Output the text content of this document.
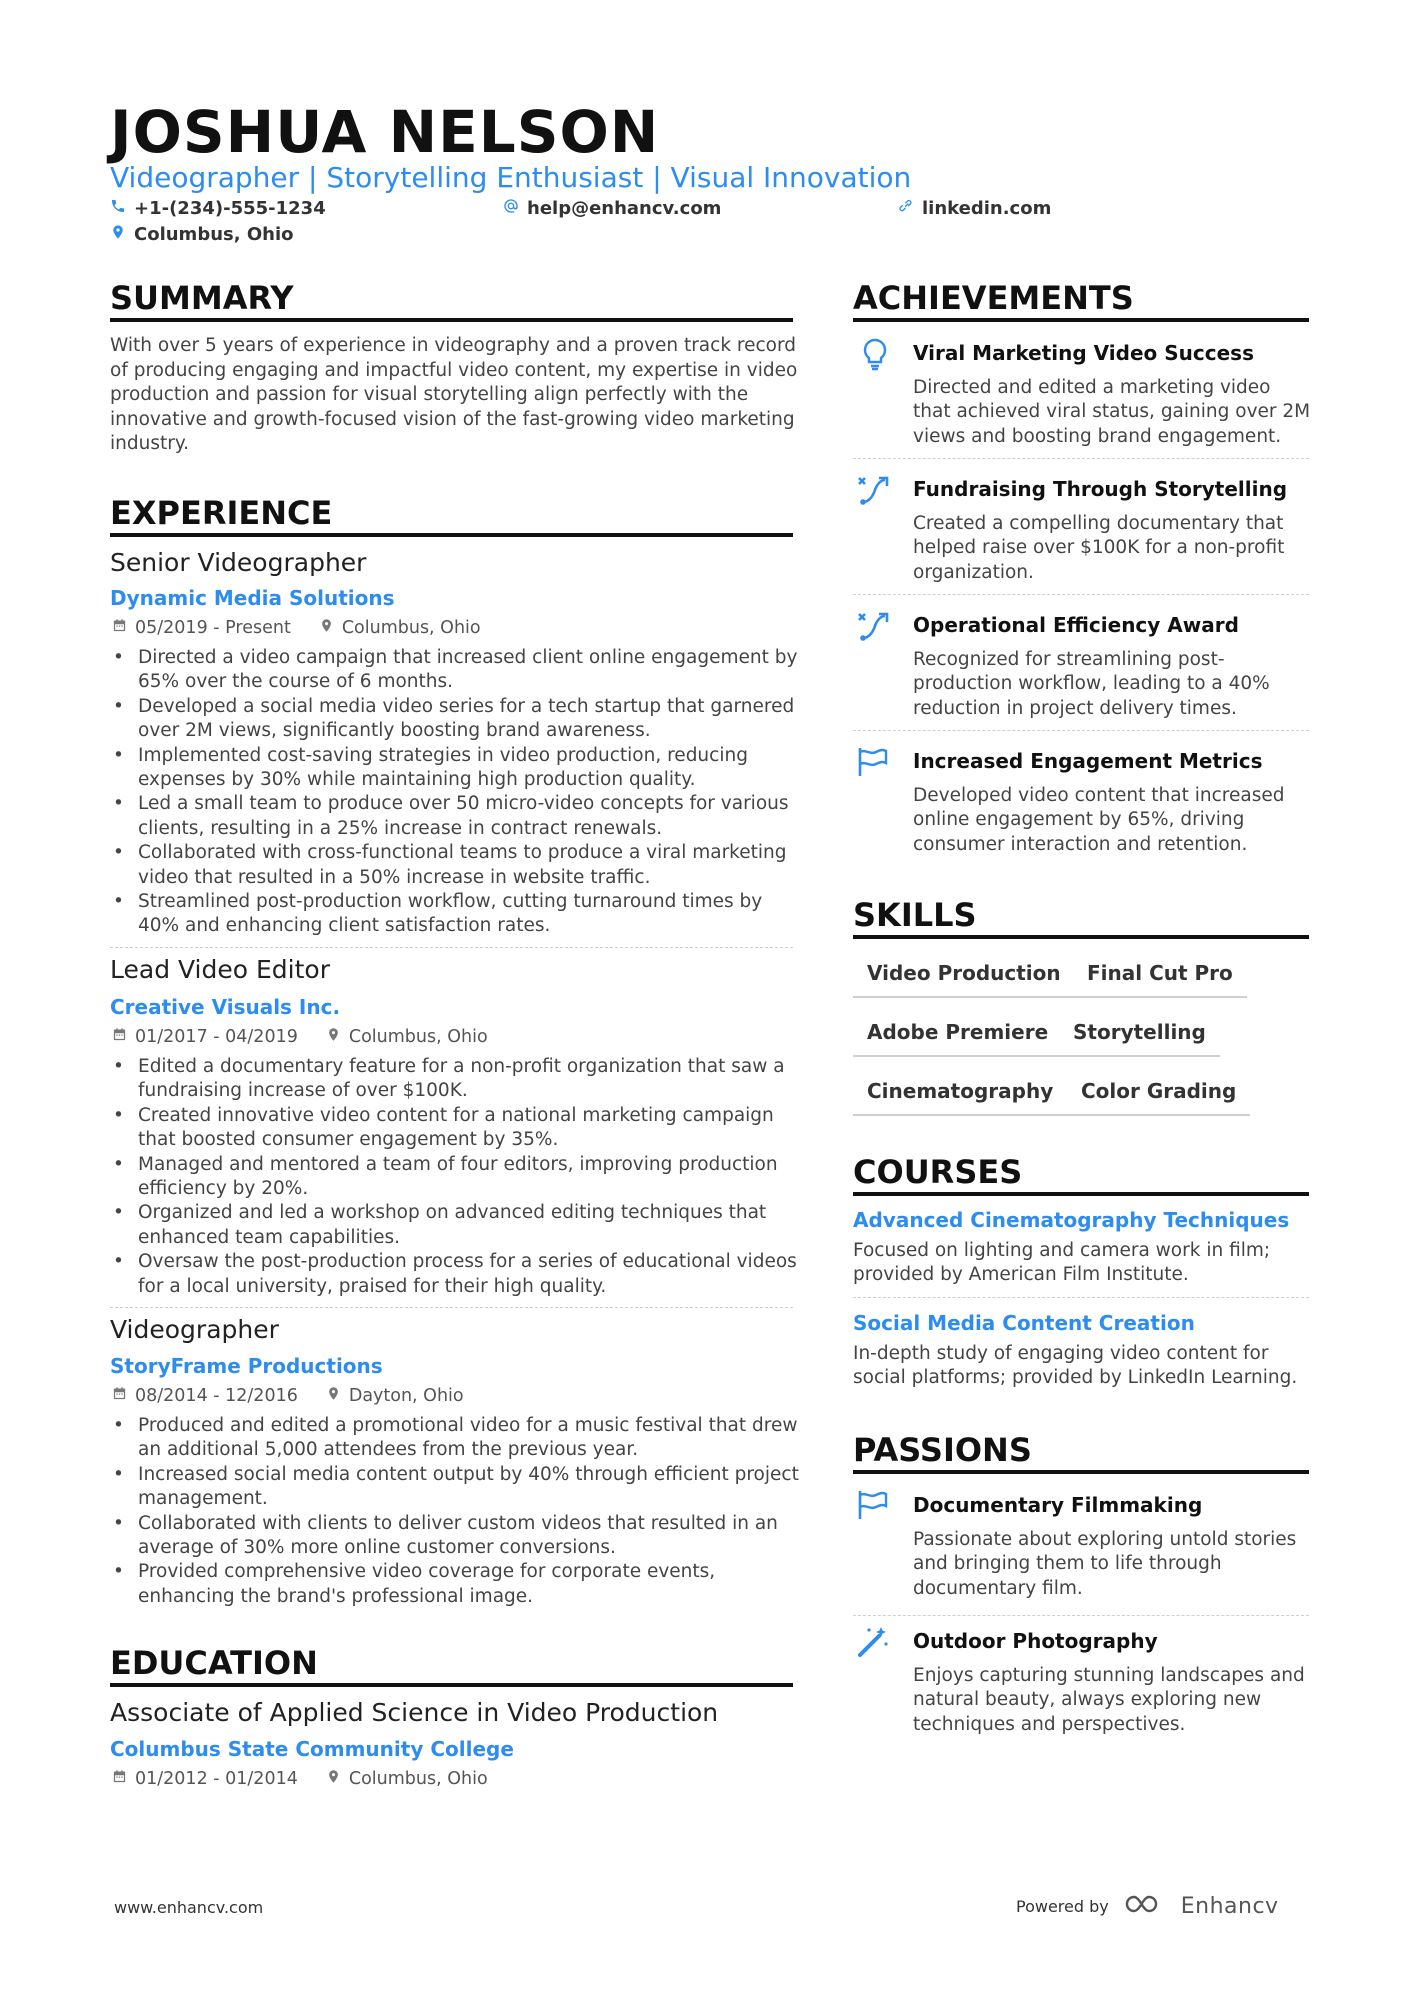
JOSHUA NELSON
Videographer | Storytelling Enthusiast | Visual Innovation
+1-(234)-555-1234	help@enhancv.com	linkedin.com
Columbus, Ohio
SUMMARY
With over 5 years of experience in videography and a proven track record of producing engaging and impactful video content, my expertise in video production and passion for visual storytelling align perfectly with the innovative and growth-focused vision of the fast-growing video marketing industry.
EXPERIENCE
Senior Videographer
Dynamic Media Solutions
05/2019 - Present	Columbus, Ohio
• Directed a video campaign that increased client online engagement by 65% over the course of 6 months.
• Developed a social media video series for a tech startup that garnered over 2M views, significantly boosting brand awareness.
• Implemented cost-saving strategies in video production, reducing expenses by 30% while maintaining high production quality.
• Led a small team to produce over 50 micro-video concepts for various clients, resulting in a 25% increase in contract renewals.
• Collaborated with cross-functional teams to produce a viral marketing video that resulted in a 50% increase in website traffic.
• Streamlined post-production workflow, cutting turnaround times by 40% and enhancing client satisfaction rates.
Lead Video Editor
Creative Visuals Inc.
01/2017 - 04/2019	Columbus, Ohio
• Edited a documentary feature for a non-profit organization that saw a fundraising increase of over $100K.
• Created innovative video content for a national marketing campaign that boosted consumer engagement by 35%.
• Managed and mentored a team of four editors, improving production efficiency by 20%.
• Organized and led a workshop on advanced editing techniques that enhanced team capabilities.
• Oversaw the post-production process for a series of educational videos for a local university, praised for their high quality.
Videographer
StoryFrame Productions
08/2014 - 12/2016	Dayton, Ohio
• Produced and edited a promotional video for a music festival that drew an additional 5,000 attendees from the previous year.
• Increased social media content output by 40% through efficient project management.
• Collaborated with clients to deliver custom videos that resulted in an average of 30% more online customer conversions.
• Provided comprehensive video coverage for corporate events, enhancing the brand's professional image.
EDUCATION
Associate of Applied Science in Video Production
Columbus State Community College
01/2012 - 01/2014	Columbus, Ohio
ACHIEVEMENTS
Viral Marketing Video Success
Directed and edited a marketing video that achieved viral status, gaining over 2M views and boosting brand engagement.
Fundraising Through Storytelling
Created a compelling documentary that helped raise over $100K for a non-profit organization.
Operational Efficiency Award
Recognized for streamlining post-production workflow, leading to a 40% reduction in project delivery times.
Increased Engagement Metrics
Developed video content that increased online engagement by 65%, driving consumer interaction and retention.
SKILLS
Video Production	Final Cut Pro
Adobe Premiere	Storytelling
Cinematography	Color Grading
COURSES
Advanced Cinematography Techniques
Focused on lighting and camera work in film; provided by American Film Institute.
Social Media Content Creation
In-depth study of engaging video content for social platforms; provided by LinkedIn Learning.
PASSIONS
Documentary Filmmaking
Passionate about exploring untold stories and bringing them to life through documentary film.
Outdoor Photography
Enjoys capturing stunning landscapes and natural beauty, always exploring new techniques and perspectives.
www.enhancv.com	Powered by	Enhancv
